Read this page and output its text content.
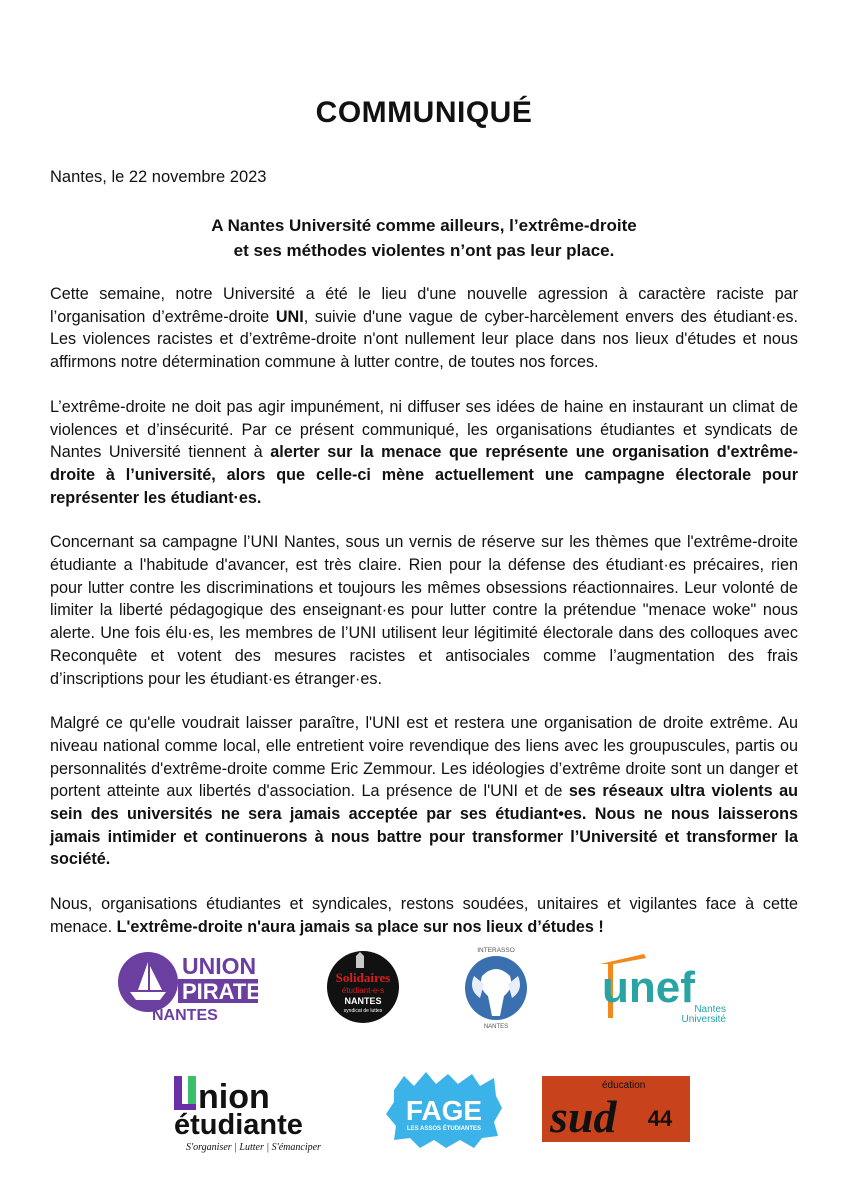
COMMUNIQUÉ
Nantes, le 22 novembre 2023
A Nantes Université comme ailleurs, l’extrême-droite
et ses méthodes violentes n’ont pas leur place.

Cette semaine, notre Université a été le lieu d'une nouvelle agression à caractère raciste par l’organisation d’extrême-droite UNI, suivie d'une vague de cyber-harcèlement envers des étudiant·es. Les violences racistes et d’extrême-droite n'ont nullement leur place dans nos lieux d'études et nous affirmons notre détermination commune à lutter contre, de toutes nos forces.

L’extrême-droite ne doit pas agir impunément, ni diffuser ses idées de haine en instaurant un climat de violences et d’insécurité. Par ce présent communiqué, les organisations étudiantes et syndicats de Nantes Université tiennent à alerter sur la menace que représente une organisation d'extrême-droite à l’université, alors que celle-ci mène actuellement une campagne électorale pour représenter les étudiant·es.

Concernant sa campagne l’UNI Nantes, sous un vernis de réserve sur les thèmes que l'extrême-droite étudiante a l'habitude d'avancer, est très claire. Rien pour la défense des étudiant·es précaires, rien pour lutter contre les discriminations et toujours les mêmes obsessions réactionnaires. Leur volonté de limiter la liberté pédagogique des enseignant·es pour lutter contre la prétendue "menace woke" nous alerte. Une fois élu·es, les membres de l’UNI utilisent leur légitimité électorale dans des colloques avec Reconquête et votent des mesures racistes et antisociales comme l’augmentation des frais d’inscriptions pour les étudiant·es étranger·es.

Malgré ce qu'elle voudrait laisser paraître, l'UNI est et restera une organisation de droite extrême. Au niveau national comme local, elle entretient voire revendique des liens avec les groupuscules, partis ou personnalités d'extrême-droite comme Eric Zemmour. Les idéologies d’extrême droite sont un danger et portent atteinte aux libertés d'association. La présence de l'UNI et de ses réseaux ultra violents au sein des universités ne sera jamais acceptée par ses étudiant•es. Nous ne nous laisserons jamais intimider et continuerons à nous battre pour transformer l’Université et transformer la société.

Nous, organisations étudiantes et syndicales, restons soudées, unitaires et vigilantes face à cette menace. L'extrême-droite n'aura jamais sa place sur nos lieux d’études !

UNION
PIRATE
NANTES
Solidaires
étudiant-e-s
NANTES
syndicat de luttes
INTERASSO
NANTES
unef Nantes
Université
nion
étudiante
S'organiser | Lutter | S'émanciper
FAGE
LES ASSOS ÉTUDIANTES
éducation
sud 44
